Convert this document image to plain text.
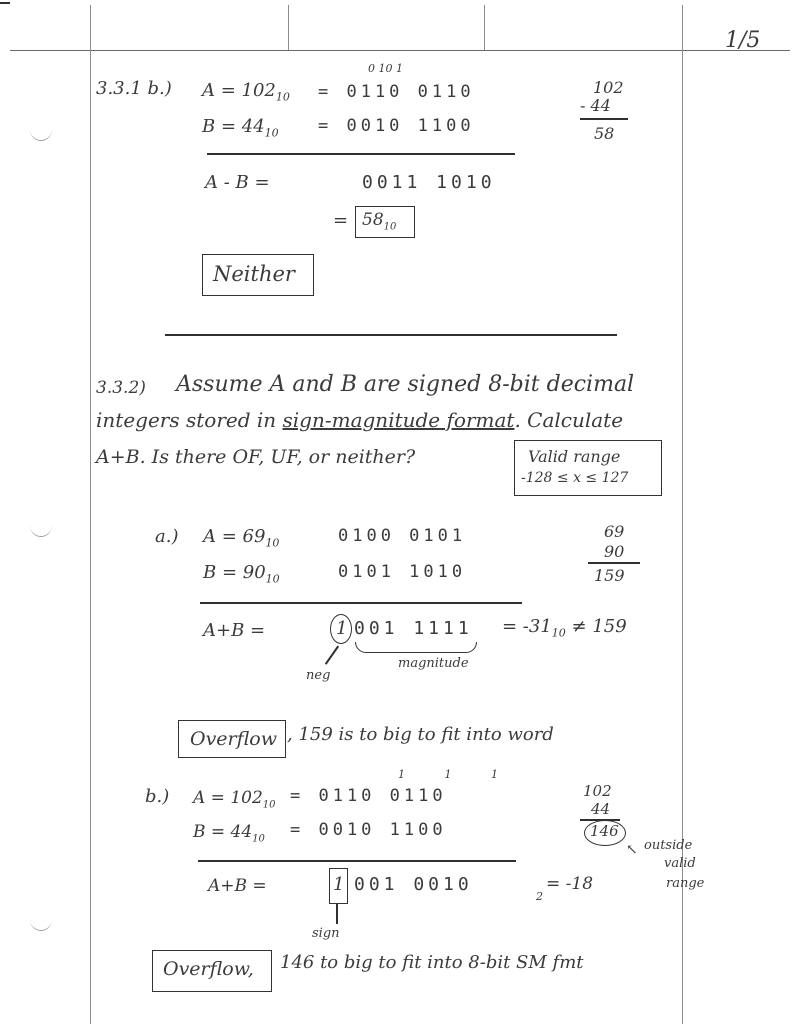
1/5
3.3.1 b.) $A = 102_{10}$
0 10 1
= 0110 0110
$B = 44_{10} = 0010$ 1100
102
- 44
58
A - B =	0011 1010
= $58_{10}$
Neither
3.3.2) Assume A and B are signed 8-bit decimal
integers stored in sign-magnitude format. Calculate
A+B. Is there OF, UF, or neither?	Valid range
-128 ≤ x ≤ 127
a.) $A = 69_{10}$	0100 0101
$B = 90_{10}$	0101 1010
69
90
159
A+B =	1 001 $1111 = -31_{10} \ne 159$
neg
magnitude
Overflow , 159 is to big to fit into word
1 1 1
b.) $A = 102_{10} = 0110$ 0110
$B = 44_{10} = 0010$ 1100
102
44
146
↖ outside
valid
range
A+B =	1 001 0010
2
= -18
sign
Overflow, 146 to big to fit into 8-bit SM fmt
